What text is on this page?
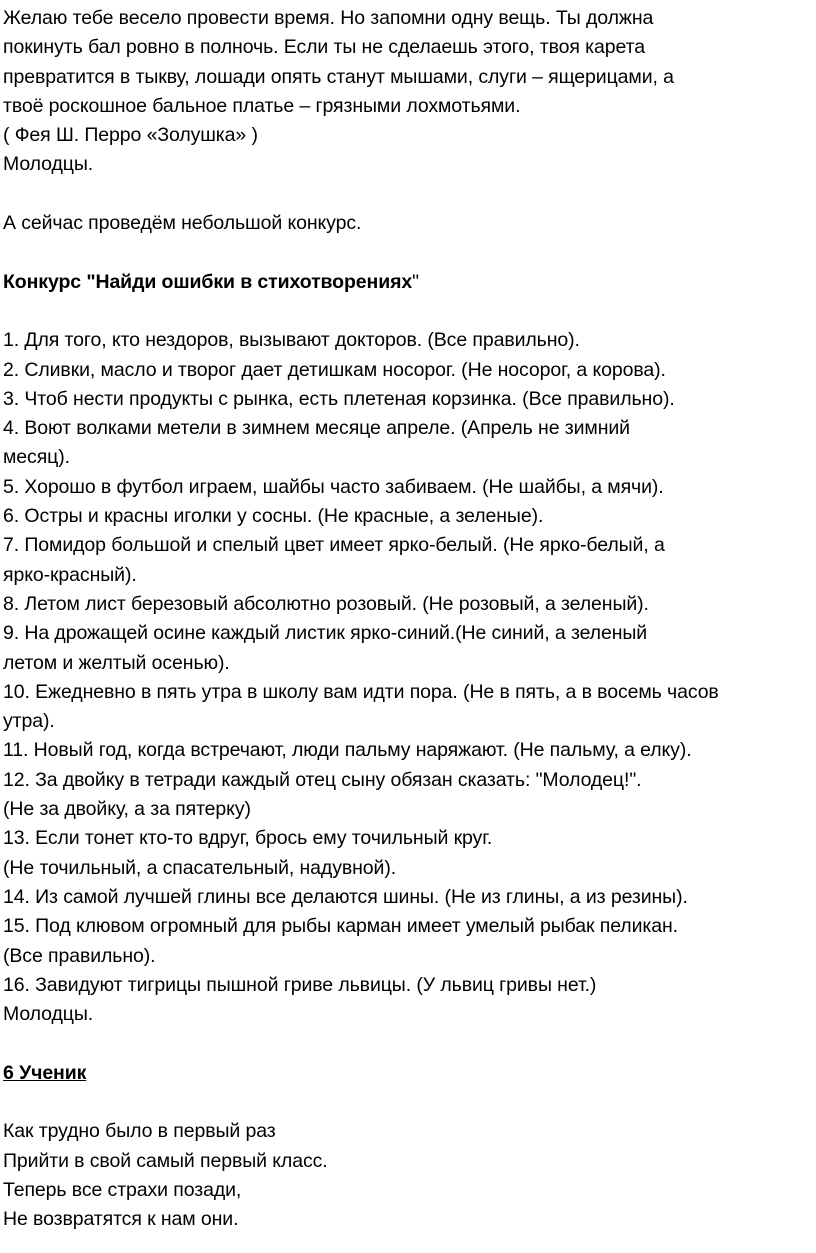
Желаю тебе весело провести время. Но запомни одну вещь. Ты должна
покинуть бал ровно в полночь. Если ты не сделаешь этого, твоя карета
превратится в тыкву, лошади опять станут мышами, слуги – ящерицами, а
твоё роскошное бальное платье – грязными лохмотьями.
( Фея Ш. Перро «Золушка» )
Молодцы.
А сейчас проведём небольшой конкурс.
Конкурс "Найди ошибки в стихотворениях"
1. Для того, кто нездоров, вызывают докторов. (Все правильно).
2. Сливки, масло и творог дает детишкам носорог. (Не носорог, а корова).
3. Чтоб нести продукты с рынка, есть плетеная корзинка. (Все правильно).
4. Воют волками метели в зимнем месяце апреле. (Апрель не зимний
месяц).
5. Хорошо в футбол играем, шайбы часто забиваем. (Не шайбы, а мячи).
6. Остры и красны иголки у сосны. (Не красные, а зеленые).
7. Помидор большой и спелый цвет имеет ярко-белый. (Не ярко-белый, а
ярко-красный).
8. Летом лист березовый абсолютно розовый. (Не розовый, а зеленый).
9. На дрожащей осине каждый листик ярко-синий.(Не синий, а зеленый
летом и желтый осенью).
10. Ежедневно в пять утра в школу вам идти пора. (Не в пять, а в восемь часов
утра).
11. Новый год, когда встречают, люди пальму наряжают. (Не пальму, а елку).
12. За двойку в тетради каждый отец сыну обязан сказать: "Молодец!".
(Не за двойку, а за пятерку)
13. Если тонет кто-то вдруг, брось ему точильный круг.
(Не точильный, а спасательный, надувной).
14. Из самой лучшей глины все делаются шины. (Не из глины, а из резины).
15. Под клювом огромный для рыбы карман имеет умелый рыбак пеликан.
(Все правильно).
16. Завидуют тигрицы пышной гриве львицы. (У львиц гривы нет.)
Молодцы.
6 Ученик
Как трудно было в первый раз
Прийти в свой самый первый класс.
Теперь все страхи позади,
Не возвратятся к нам они.
